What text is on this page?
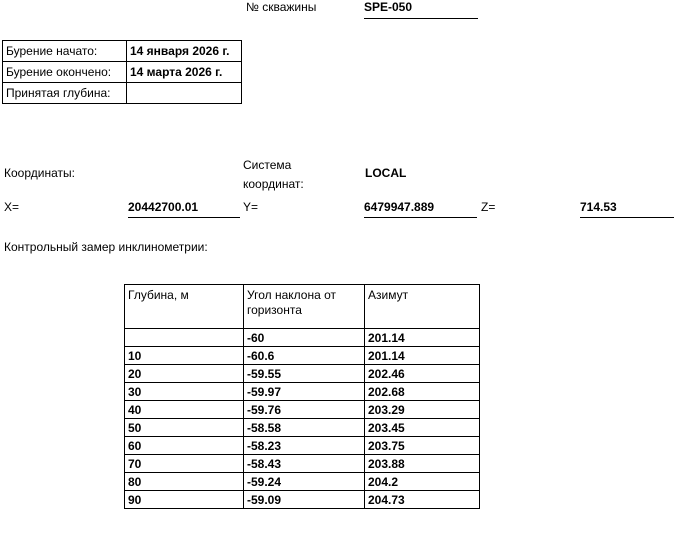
№ скважины	SPE-050
Бурение начато:	14 января 2026 г.
Бурение окончено:	14 марта 2026 г.
Принятая глубина:	
Координаты:
Система
координат:
LOCAL
X=	20442700.01	Y=	6479947.889	Z=	714.53
Контрольный замер инклинометрии:
Глубина, м	Угол наклона от горизонта	Азимут
	-60	201.14
10	-60.6	201.14
20	-59.55	202.46
30	-59.97	202.68
40	-59.76	203.29
50	-58.58	203.45
60	-58.23	203.75
70	-58.43	203.88
80	-59.24	204.2
90	-59.09	204.73
